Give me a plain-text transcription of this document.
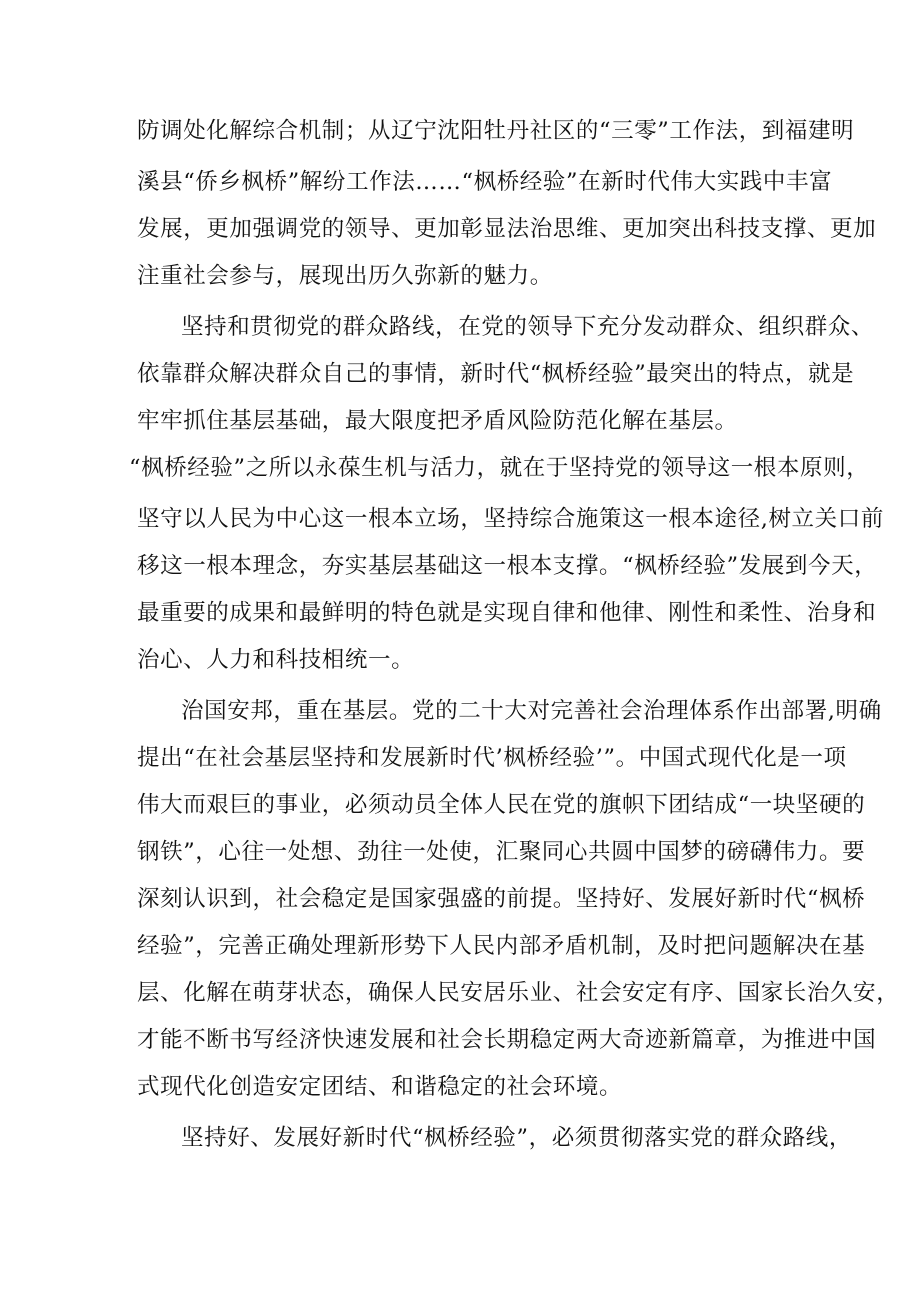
防调处化解综合机制；从辽宁沈阳牡丹社区的“三零”工作法，到福建明
溪县“侨乡枫桥”解纷工作法……“枫桥经验”在新时代伟大实践中丰富
发展，更加强调党的领导、更加彰显法治思维、更加突出科技支撑、更加
注重社会参与，展现出历久弥新的魅力。
坚持和贯彻党的群众路线，在党的领导下充分发动群众、组织群众、
依靠群众解决群众自己的事情，新时代“枫桥经验”最突出的特点，就是
牢牢抓住基层基础，最大限度把矛盾风险防范化解在基层。
“枫桥经验”之所以永葆生机与活力，就在于坚持党的领导这一根本原则，
坚守以人民为中心这一根本立场，坚持综合施策这一根本途径,树立关口前
移这一根本理念，夯实基层基础这一根本支撑。“枫桥经验”发展到今天，
最重要的成果和最鲜明的特色就是实现自律和他律、刚性和柔性、治身和
治心、人力和科技相统一。
治国安邦，重在基层。党的二十大对完善社会治理体系作出部署,明确
提出“在社会基层坚持和发展新时代’枫桥经验’”。中国式现代化是一项
伟大而艰巨的事业，必须动员全体人民在党的旗帜下团结成“一块坚硬的
钢铁”，心往一处想、劲往一处使，汇聚同心共圆中国梦的磅礴伟力。要
深刻认识到，社会稳定是国家强盛的前提。坚持好、发展好新时代“枫桥
经验”，完善正确处理新形势下人民内部矛盾机制，及时把问题解决在基
层、化解在萌芽状态，确保人民安居乐业、社会安定有序、国家长治久安，
才能不断书写经济快速发展和社会长期稳定两大奇迹新篇章，为推进中国
式现代化创造安定团结、和谐稳定的社会环境。
坚持好、发展好新时代“枫桥经验”，必须贯彻落实党的群众路线，
